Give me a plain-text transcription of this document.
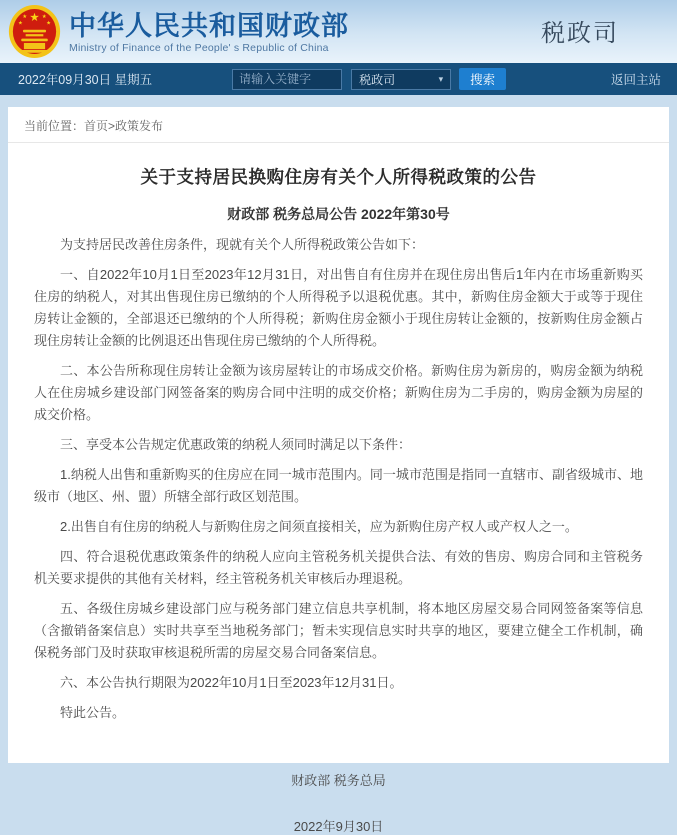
★
★
★
★
★ 中华人民共和国财政部
Ministry of Finance of the People' s Republic of China
税政司
2022年09月30日 星期五
请输入关键字	税政司	▾	搜索	返回主站
当前位置：首页>政策发布
关于支持居民换购住房有关个人所得税政策的公告
财政部 税务总局公告 2022年第30号

为支持居民改善住房条件，现就有关个人所得税政策公告如下：

一、自2022年10月1日至2023年12月31日，对出售自有住房并在现住房出售后1年内在市场重新购买住房的纳税人，对其出售现住房已缴纳的个人所得税予以退税优惠。其中，新购住房金额大于或等于现住房转让金额的，全部退还已缴纳的个人所得税；新购住房金额小于现住房转让金额的，按新购住房金额占现住房转让金额的比例退还出售现住房已缴纳的个人所得税。

二、本公告所称现住房转让金额为该房屋转让的市场成交价格。新购住房为新房的，购房金额为纳税人在住房城乡建设部门网签备案的购房合同中注明的成交价格；新购住房为二手房的，购房金额为房屋的成交价格。

三、享受本公告规定优惠政策的纳税人须同时满足以下条件：

1.纳税人出售和重新购买的住房应在同一城市范围内。同一城市范围是指同一直辖市、副省级城市、地级市（地区、州、盟）所辖全部行政区划范围。

2.出售自有住房的纳税人与新购住房之间须直接相关，应为新购住房产权人或产权人之一。

四、符合退税优惠政策条件的纳税人应向主管税务机关提供合法、有效的售房、购房合同和主管税务机关要求提供的其他有关材料，经主管税务机关审核后办理退税。

五、各级住房城乡建设部门应与税务部门建立信息共享机制，将本地区房屋交易合同网签备案等信息（含撤销备案信息）实时共享至当地税务部门；暂未实现信息实时共享的地区，要建立健全工作机制，确保税务部门及时获取审核退税所需的房屋交易合同备案信息。

六、本公告执行期限为2022年10月1日至2023年12月31日。

特此公告。

财政部 税务总局

2022年9月30日
